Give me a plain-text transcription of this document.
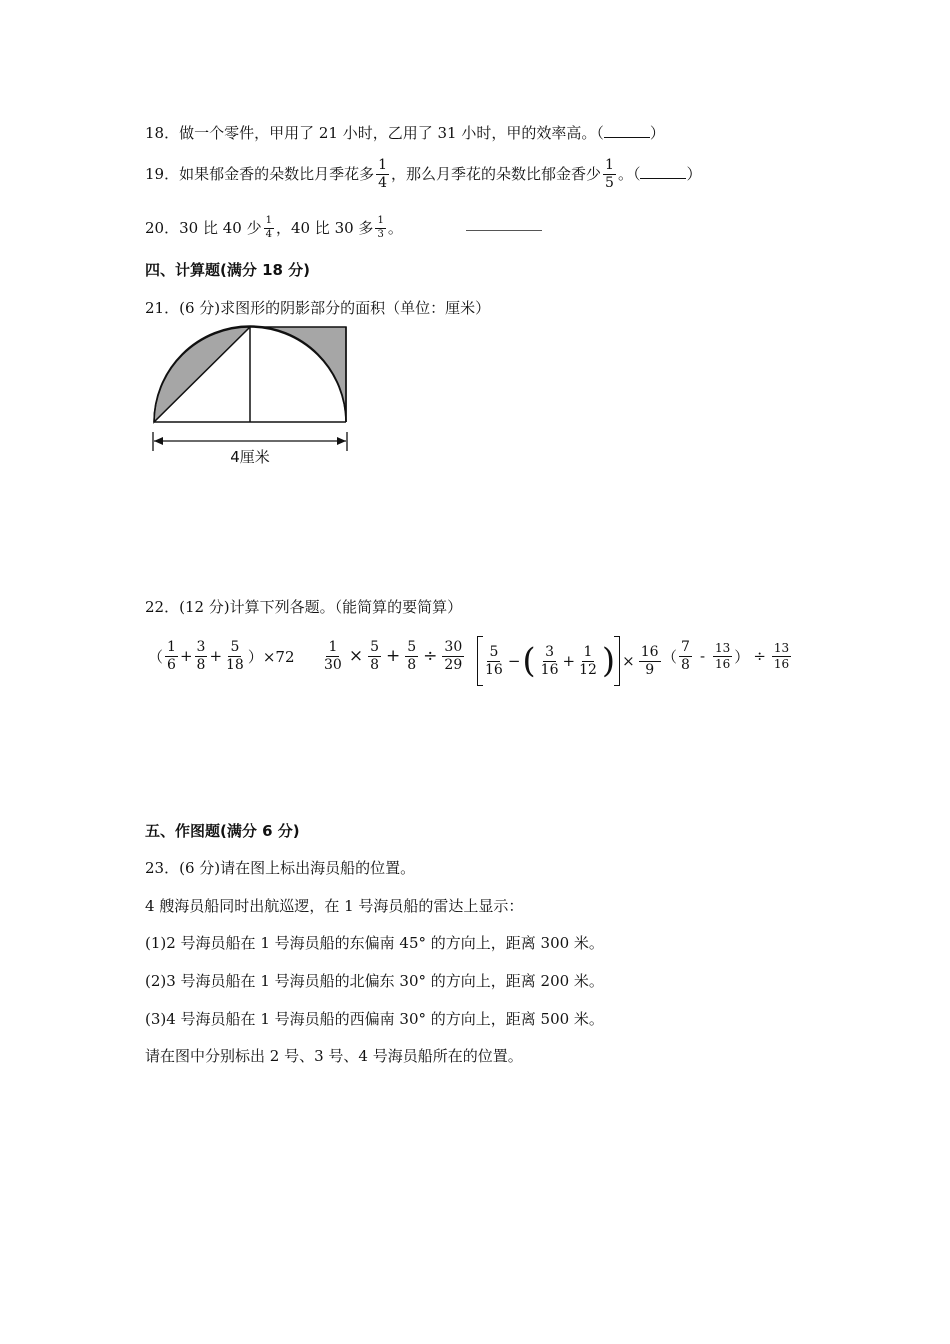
18．做一个零件，甲用了 21 小时，乙用了 31 小时，甲的效率高。（	）
19．如果郁金香的朵数比月季花多 $\frac{1}{4}$ ，那么月季花的朵数比郁金香少 $\frac{1}{5}$ 。（	）
20．30 比 40 少 $\frac{1}{4}$ ，40 比 30 多 $\frac{1}{3}$ 。
四、计算题(满分 18 分)
21．(6 分)求图形的阴影部分的面积（单位：厘米）
4厘米
22．(12 分)计算下列各题。（能简算的要简算）
（ $\frac{1}{6} + \frac{3}{8} + \frac{5}{18} )\times 72 \frac{1}{30} \times \frac{5}{8} + \frac{5}{8} \div \frac{30}{29} \frac{5}{16}$ − ( $\frac{3}{16} + \frac{1}{12}$ ) × $\frac{16}{9}$ （ $\frac{7}{8} - \frac{13}{16}$ ） ÷ $\frac{13}{16}$
五、作图题(满分 6 分)
23．(6 分)请在图上标出海员船的位置。
4 艘海员船同时出航巡逻，在 1 号海员船的雷达上显示：
(1)2 号海员船在 1 号海员船的东偏南 45° 的方向上，距离 300 米。
(2)3 号海员船在 1 号海员船的北偏东 30° 的方向上，距离 200 米。
(3)4 号海员船在 1 号海员船的西偏南 30° 的方向上，距离 500 米。
请在图中分别标出 2 号、3 号、4 号海员船所在的位置。
